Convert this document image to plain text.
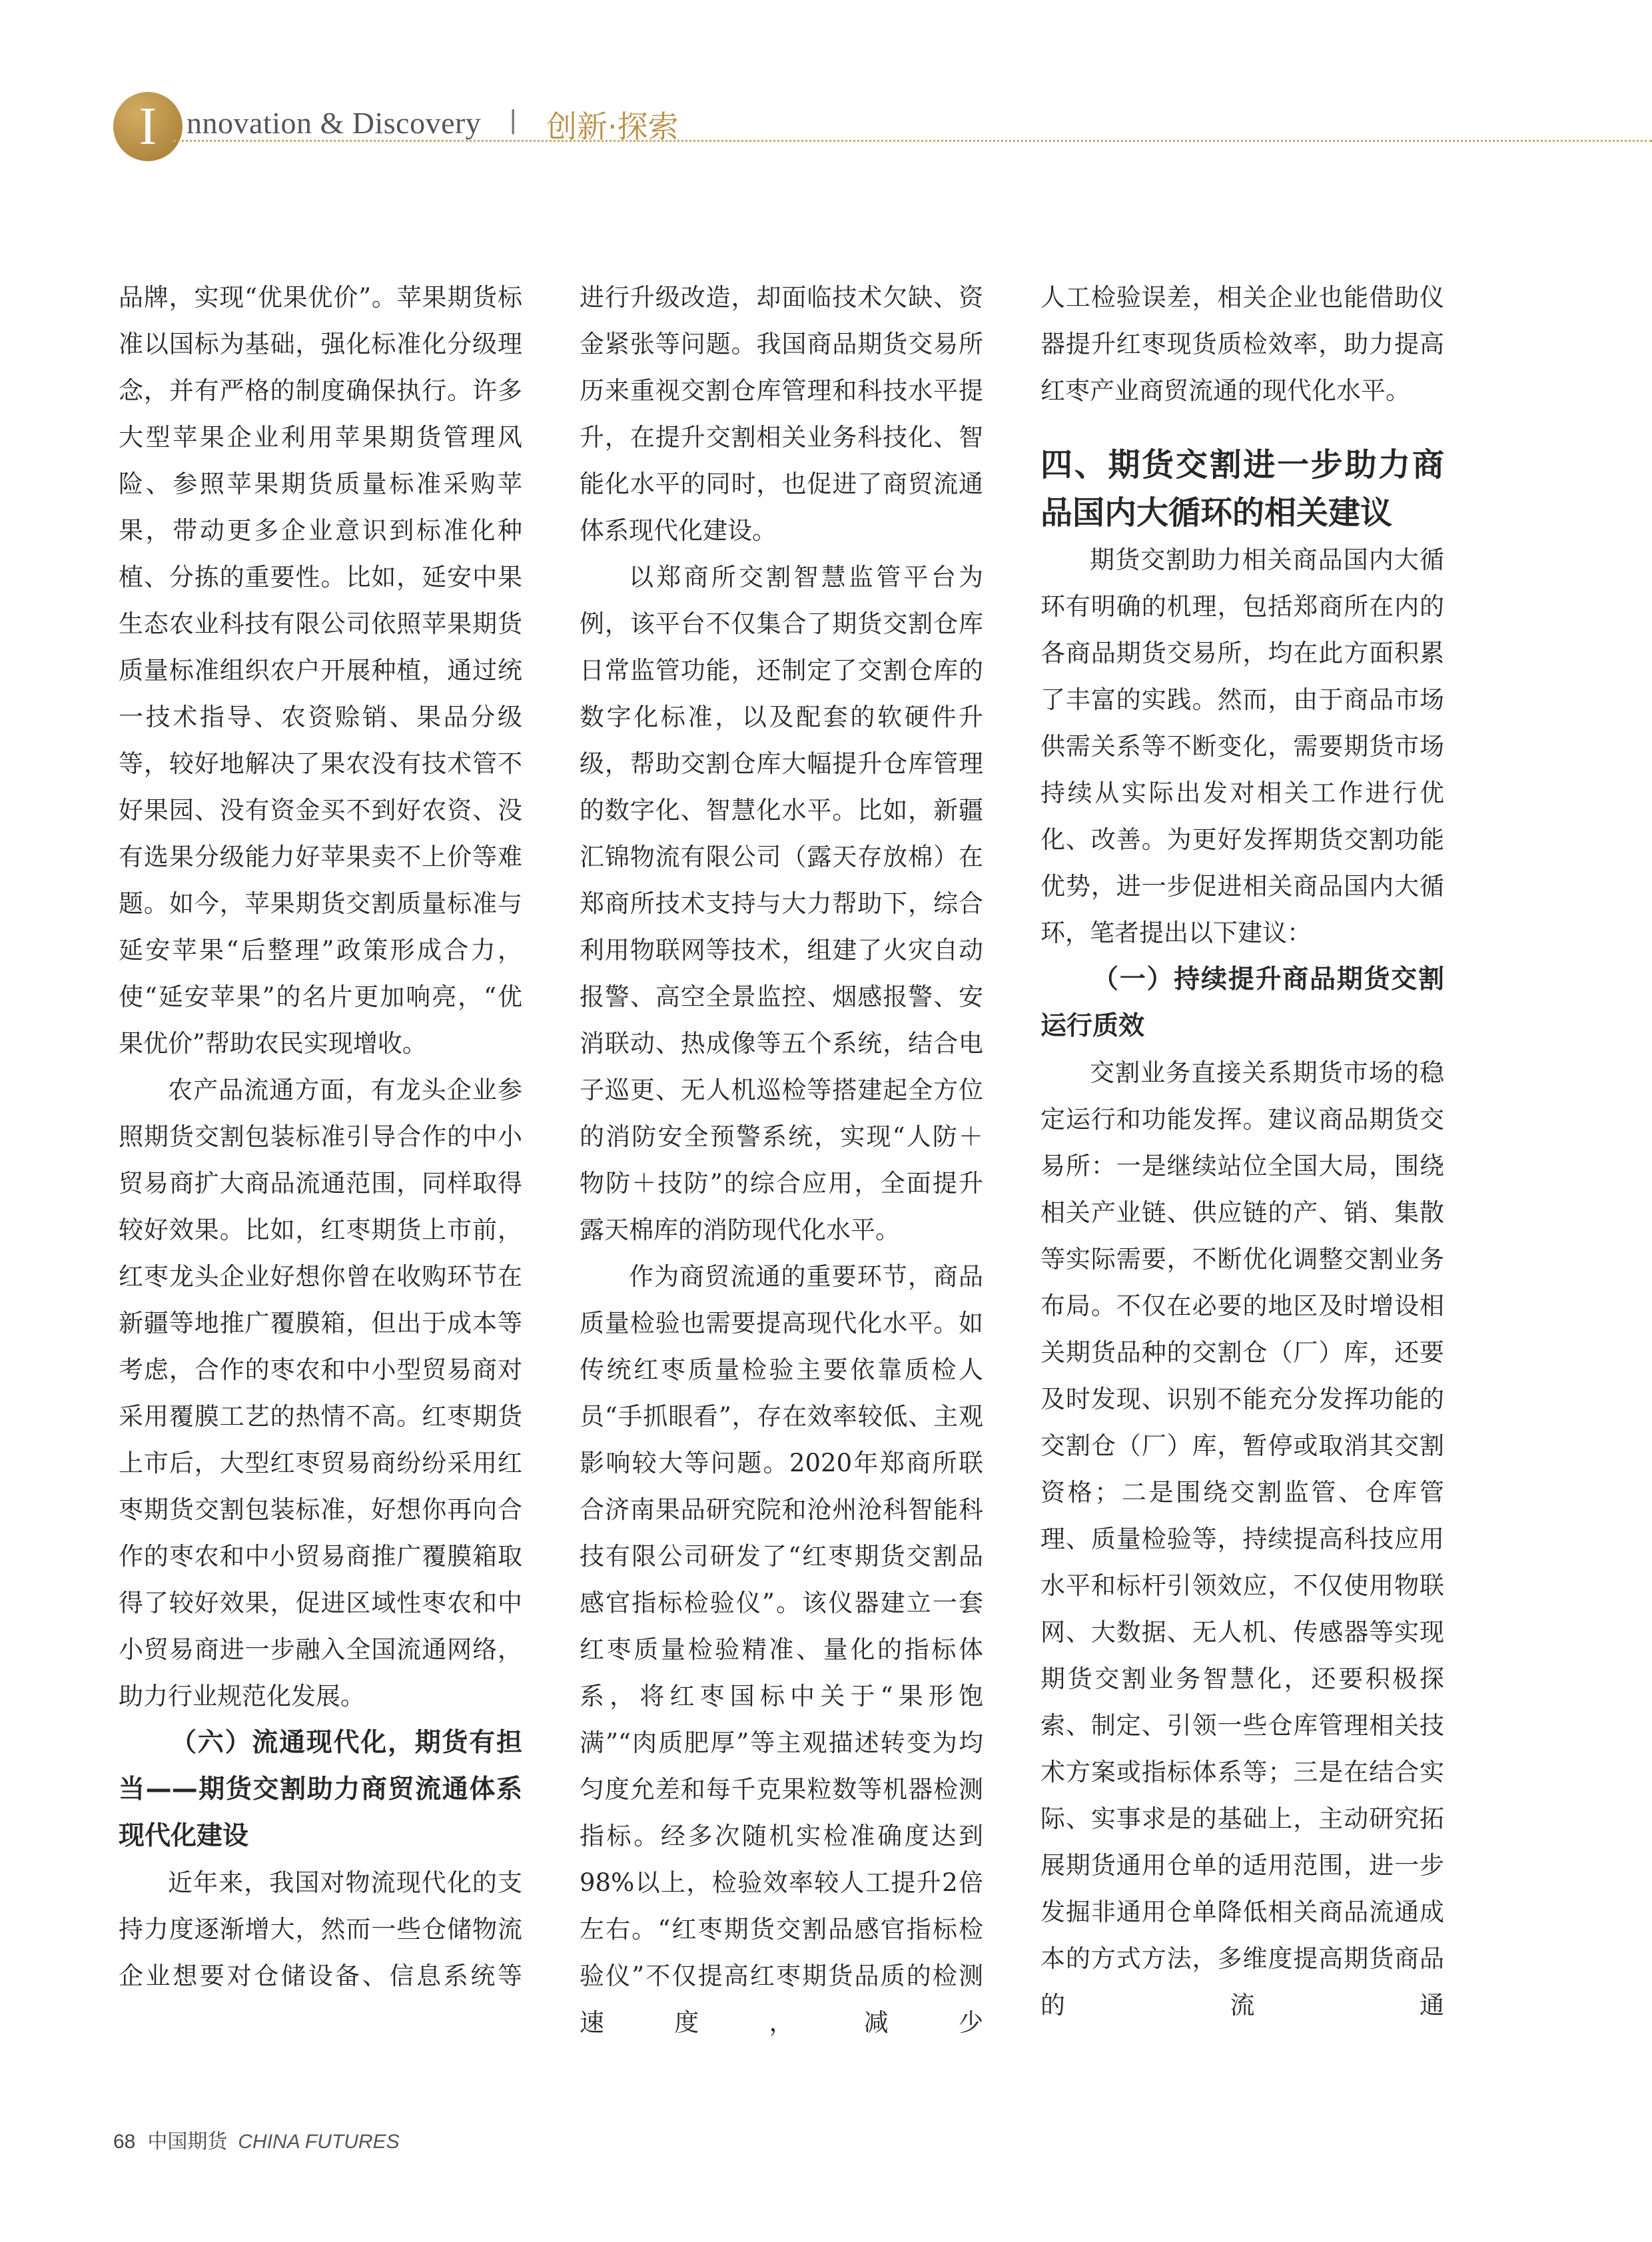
I nnovation & Discovery | 创新·探索

品牌，实现“优果优价”。苹果期货标准以国标为基础，强化标准化分级理念，并有严格的制度确保执行。许多大型苹果企业利用苹果期货管理风险、参照苹果期货质量标准采购苹果，带动更多企业意识到标准化种植、分拣的重要性。比如，延安中果生态农业科技有限公司依照苹果期货质量标准组织农户开展种植，通过统一技术指导、农资赊销、果品分级等，较好地解决了果农没有技术管不好果园、没有资金买不到好农资、没有选果分级能力好苹果卖不上价等难题。如今，苹果期货交割质量标准与延安苹果“后整理”政策形成合力，使“延安苹果”的名片更加响亮，“优果优价”帮助农民实现增收。

农产品流通方面，有龙头企业参照期货交割包装标准引导合作的中小贸易商扩大商品流通范围，同样取得较好效果。比如，红枣期货上市前，红枣龙头企业好想你曾在收购环节在新疆等地推广覆膜箱，但出于成本等考虑，合作的枣农和中小型贸易商对采用覆膜工艺的热情不高。红枣期货上市后，大型红枣贸易商纷纷采用红枣期货交割包装标准，好想你再向合作的枣农和中小贸易商推广覆膜箱取得了较好效果，促进区域性枣农和中小贸易商进一步融入全国流通网络，助力行业规范化发展。

（六）流通现代化，期货有担当——期货交割助力商贸流通体系现代化建设

近年来，我国对物流现代化的支持力度逐渐增大，然而一些仓储物流企业想要对仓储设备、信息系统等

进行升级改造，却面临技术欠缺、资金紧张等问题。我国商品期货交易所历来重视交割仓库管理和科技水平提升，在提升交割相关业务科技化、智能化水平的同时，也促进了商贸流通体系现代化建设。

以郑商所交割智慧监管平台为例，该平台不仅集合了期货交割仓库日常监管功能，还制定了交割仓库的数字化标准，以及配套的软硬件升级，帮助交割仓库大幅提升仓库管理的数字化、智慧化水平。比如，新疆汇锦物流有限公司（露天存放棉）在郑商所技术支持与大力帮助下，综合利用物联网等技术，组建了火灾自动报警、高空全景监控、烟感报警、安消联动、热成像等五个系统，结合电子巡更、无人机巡检等搭建起全方位的消防安全预警系统，实现“人防＋物防＋技防”的综合应用，全面提升露天棉库的消防现代化水平。

作为商贸流通的重要环节，商品质量检验也需要提高现代化水平。如传统红枣质量检验主要依靠质检人员“手抓眼看”，存在效率较低、主观影响较大等问题。2020年郑商所联合济南果品研究院和沧州沧科智能科技有限公司研发了“红枣期货交割品感官指标检验仪”。该仪器建立一套红枣质量检验精准、量化的指标体系，将红枣国标中关于“果形饱满”“肉质肥厚”等主观描述转变为均匀度允差和每千克果粒数等机器检测指标。经多次随机实检准确度达到98%以上，检验效率较人工提升2倍左右。“红枣期货交割品感官指标检验仪”不仅提高红枣期货品质的检测速度，减少

人工检验误差，相关企业也能借助仪器提升红枣现货质检效率，助力提高红枣产业商贸流通的现代化水平。

四、期货交割进一步助力商品国内大循环的相关建议

期货交割助力相关商品国内大循环有明确的机理，包括郑商所在内的各商品期货交易所，均在此方面积累了丰富的实践。然而，由于商品市场供需关系等不断变化，需要期货市场持续从实际出发对相关工作进行优化、改善。为更好发挥期货交割功能优势，进一步促进相关商品国内大循环，笔者提出以下建议：

（一）持续提升商品期货交割运行质效

交割业务直接关系期货市场的稳定运行和功能发挥。建议商品期货交易所：一是继续站位全国大局，围绕相关产业链、供应链的产、销、集散等实际需要，不断优化调整交割业务布局。不仅在必要的地区及时增设相关期货品种的交割仓（厂）库，还要及时发现、识别不能充分发挥功能的交割仓（厂）库，暂停或取消其交割资格；二是围绕交割监管、仓库管理、质量检验等，持续提高科技应用水平和标杆引领效应，不仅使用物联网、大数据、无人机、传感器等实现期货交割业务智慧化，还要积极探索、制定、引领一些仓库管理相关技术方案或指标体系等；三是在结合实际、实事求是的基础上，主动研究拓展期货通用仓单的适用范围，进一步发掘非通用仓单降低相关商品流通成本的方式方法，多维度提高期货商品的流通

68 中国期货 CHINA FUTURES
